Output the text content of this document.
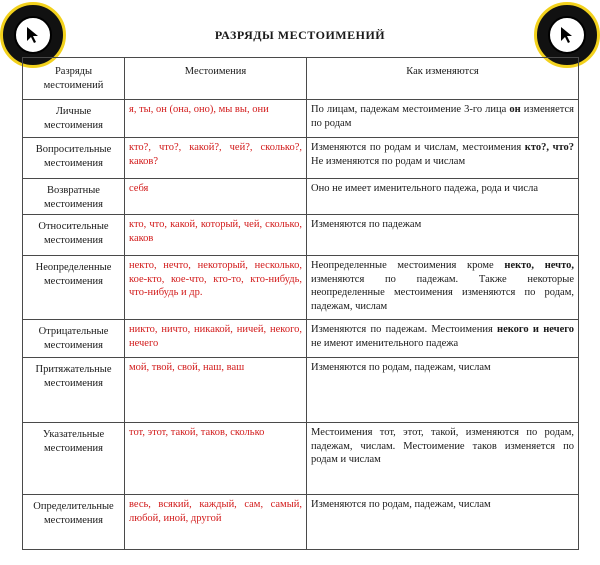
РАЗРЯДЫ МЕСТОИМЕНИЙ
Разряды местоимений	Местоимения	Как изменяются
Личные местоимения	я, ты, он (она, оно), мы вы, они	По лицам, падежам местоимение 3-го лица он изменяется по родам
Вопросительные местоимения	кто?, что?, какой?, чей?, сколько?, каков?	Изменяются по родам и числам, местоимения кто?, что? Не изменяются по родам и числам
Возвратные местоимения	себя	Оно не имеет именительного падежа, рода и числа
Относительные местоимения	кто, что, какой, который, чей, сколько, каков	Изменяются по падежам
Неопределенные местоимения	некто, нечто, некоторый, несколько, кое-кто, кое-что, кто-то, кто-нибудь, что-нибудь и др.	Неопределенные местоимения кроме некто, нечто, изменяются по падежам. Также некоторые неопределенные местоимения изменяются по родам, падежам, числам
Отрицательные местоимения	никто, ничто, никакой, ничей, некого, нечего	Изменяются по падежам. Местоимения некого и нечего не имеют именительного падежа
Притяжательные местоимения	мой, твой, свой, наш, ваш	Изменяются по родам, падежам, числам
Указательные местоимения	тот, этот, такой, таков, сколько	Местоимения тот, этот, такой, изменяются по родам, падежам, числам. Местоимение таков изменяется по родам и числам
Определительные местоимения	весь, всякий, каждый, сам, самый, любой, иной, другой	Изменяются по родам, падежам, числам
